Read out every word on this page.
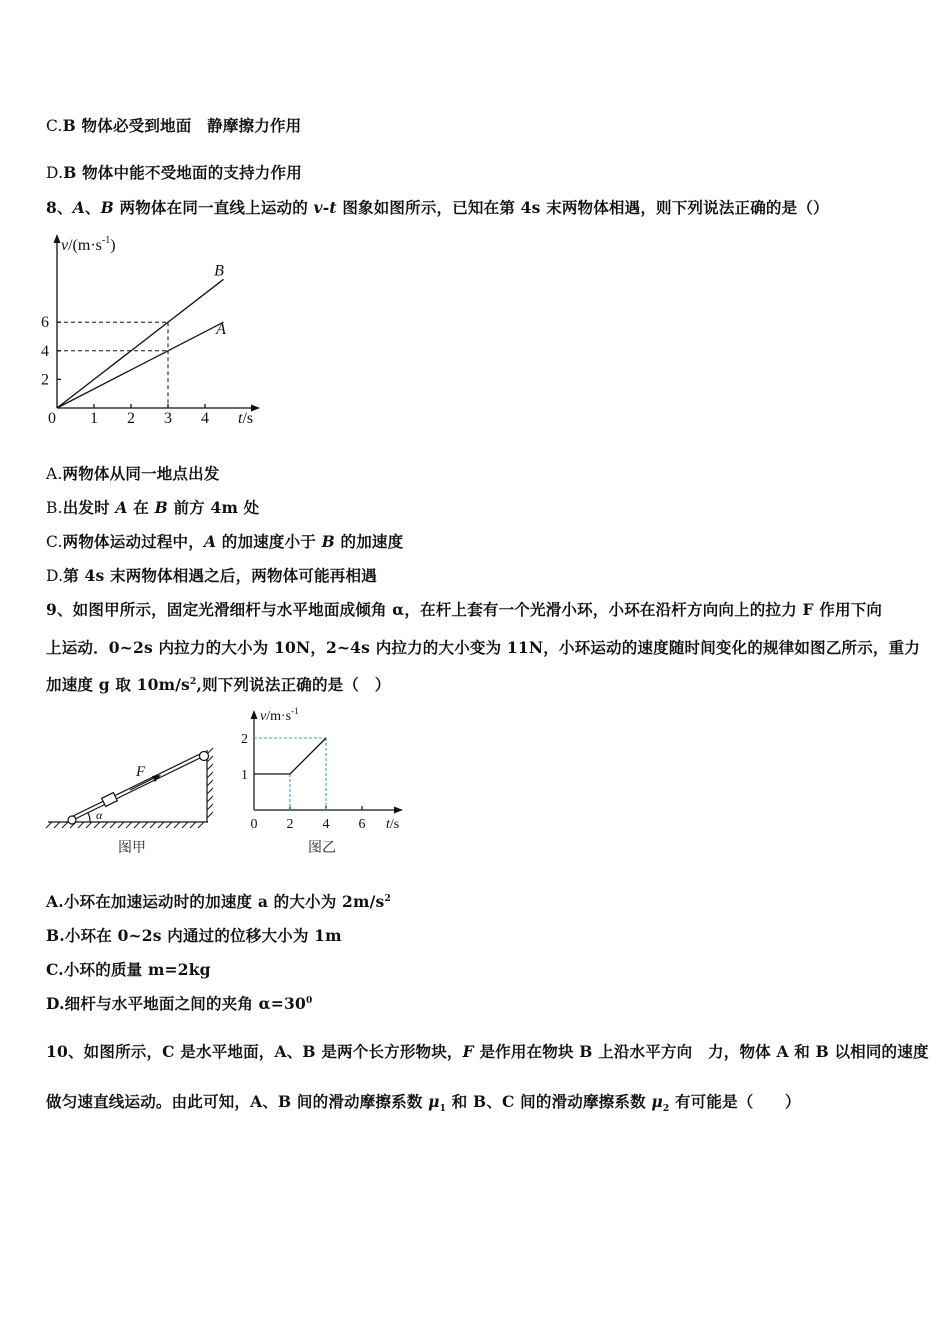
C.B 物体必受到地面　静摩擦力作用
D.B 物体中能不受地面的支持力作用
8、A、B 两物体在同一直线上运动的 v-t 图象如图所示，已知在第 4s 末两物体相遇，则下列说法正确的是（）
1 2 3 4
2
4
6
0
B
A
$v/(m\cdot s^{-1})$
t/s
A.两物体从同一地点出发
B.出发时 A 在 B 前方 4m 处
C.两物体运动过程中，A 的加速度小于 B 的加速度
D.第 4s 末两物体相遇之后，两物体可能再相遇
9、如图甲所示，固定光滑细杆与水平地面成倾角 α，在杆上套有一个光滑小环，小环在沿杆方向向上的拉力 F 作用下向
上运动．0~2s 内拉力的大小为 10N，2~4s 内拉力的大小变为 11N，小环运动的速度随时间变化的规律如图乙所示，重力
加速度 g 取 $10m/s^2$,则下列说法正确的是（　）
F
α
图甲
2 4 6
1
2
0
$v/m\cdot s^{-1}$
t/s
图乙
A.小环在加速运动时的加速度 a 的大小为 $2m/s^2$
B.小环在 0~2s 内通过的位移大小为 1m
C.小环的质量 m=2kg
D.细杆与水平地面之间的夹角 $\alpha=30^0$
10、如图所示，C 是水平地面，A、B 是两个长方形物块，F 是作用在物块 B 上沿水平方向　力，物体 A 和 B 以相同的速度
做匀速直线运动。由此可知，A、B 间的滑动摩擦系数 $\mu_1$ 和 B、C 间的滑动摩擦系数 $\mu_2$ 有可能是（　　）
